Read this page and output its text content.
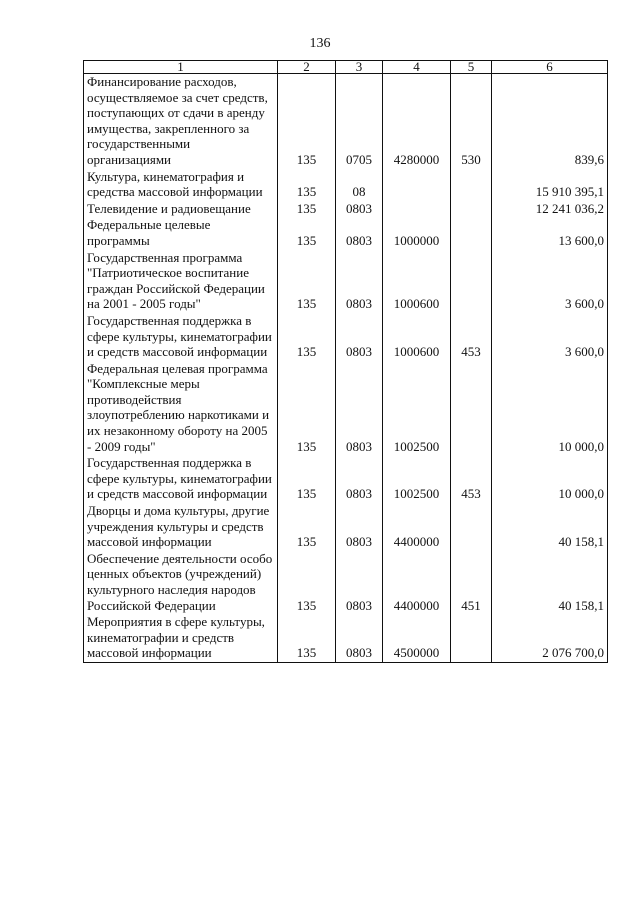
136
1	2	3	4	5	6
Финансирование расходов, осуществляемое за счет средств, поступающих от сдачи в аренду имущества, закрепленного за государственными организациями	135	0705	4280000	530	839,6
Культура, кинематография и средства массовой информации	135	08			15 910 395,1
Телевидение и радиовещание	135	0803			12 241 036,2
Федеральные целевые программы	135	0803	1000000		13 600,0
Государственная программа "Патриотическое воспитание граждан Российской Федерации на 2001 - 2005 годы"	135	0803	1000600		3 600,0
Государственная поддержка в сфере культуры, кинематографии и средств массовой информации	135	0803	1000600	453	3 600,0
Федеральная целевая программа "Комплексные меры противодействия злоупотреблению наркотиками и их незаконному обороту на 2005 - 2009 годы"	135	0803	1002500		10 000,0
Государственная поддержка в сфере культуры, кинематографии и средств массовой информации	135	0803	1002500	453	10 000,0
Дворцы и дома культуры, другие учреждения культуры и средств массовой информации	135	0803	4400000		40 158,1
Обеспечение деятельности особо ценных объектов (учреждений) культурного наследия народов Российской Федерации	135	0803	4400000	451	40 158,1
Мероприятия в сфере культуры, кинематографии и средств массовой информации	135	0803	4500000		2 076 700,0
